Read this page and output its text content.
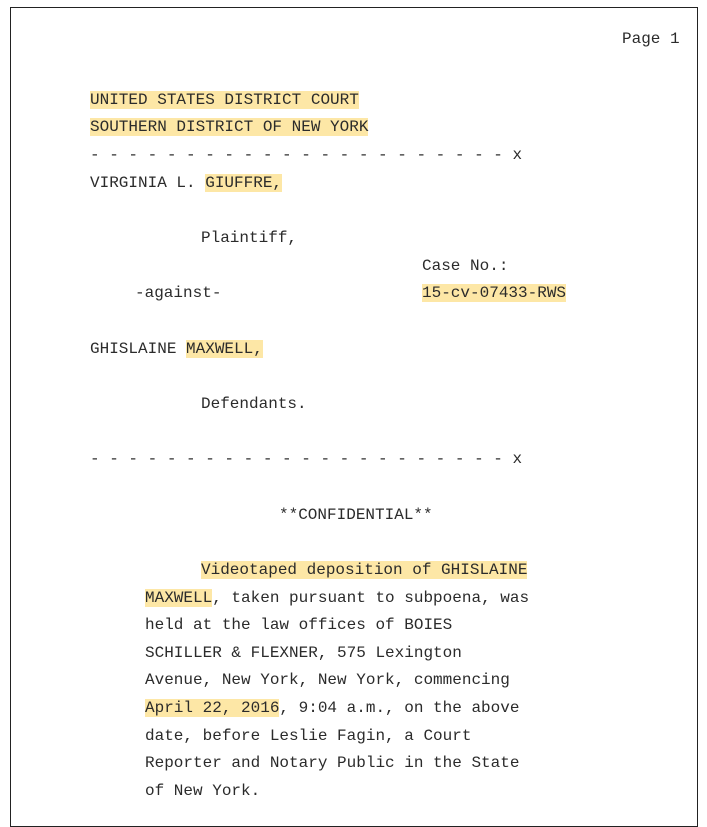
Page 1
UNITED STATES DISTRICT COURT
SOUTHERN DISTRICT OF NEW YORK
- - - - - - - - - - - - - - - - - - - - - - x
VIRGINIA L. GIUFFRE,
Plaintiff,
Case No.:
-against-	15-cv-07433-RWS
GHISLAINE MAXWELL,
Defendants.
- - - - - - - - - - - - - - - - - - - - - - x
**CONFIDENTIAL**
Videotaped deposition of GHISLAINE
MAXWELL, taken pursuant to subpoena, was
held at the law offices of BOIES
SCHILLER & FLEXNER, 575 Lexington
Avenue, New York, New York, commencing
April 22, 2016, 9:04 a.m., on the above
date, before Leslie Fagin, a Court
Reporter and Notary Public in the State
of New York.
